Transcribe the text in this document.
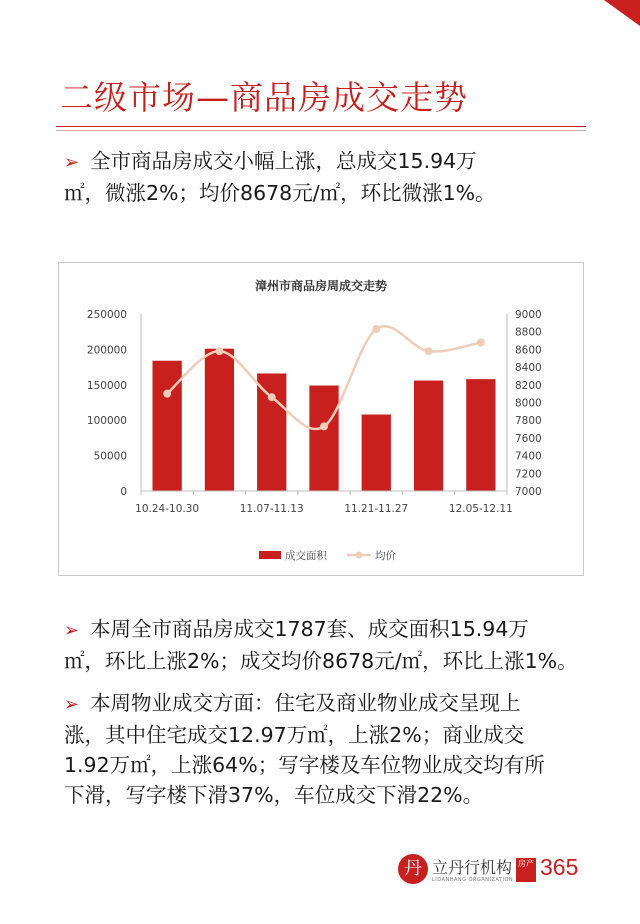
二级市场—商品房成交走势
➢ 全市商品房成交小幅上涨，总成交15.94万
㎡，微涨2%；均价8678元/㎡，环比微涨1%。
漳州市商品房周成交走势
0
50000
100000
150000
200000
250000
7000
7200
7400
7600
7800
8000
8200
8400
8600
8800
9000
10.24-10.30	11.07-11.13	11.21-11.27	12.05-12.11
成交面积	均价
➢ 本周全市商品房成交1787套、成交面积15.94万
㎡，环比上涨2%；成交均价8678元/㎡，环比上涨1%。
➢ 本周物业成交方面：住宅及商业物业成交呈现上
涨，其中住宅成交12.97万㎡，上涨2%；商业成交
1.92万㎡，上涨64%；写字楼及车位物业成交均有所
下滑，写字楼下滑37%，车位成交下滑22%。
丹 立丹行机构
LIDANHANG ORGANIZATION
房产 365
